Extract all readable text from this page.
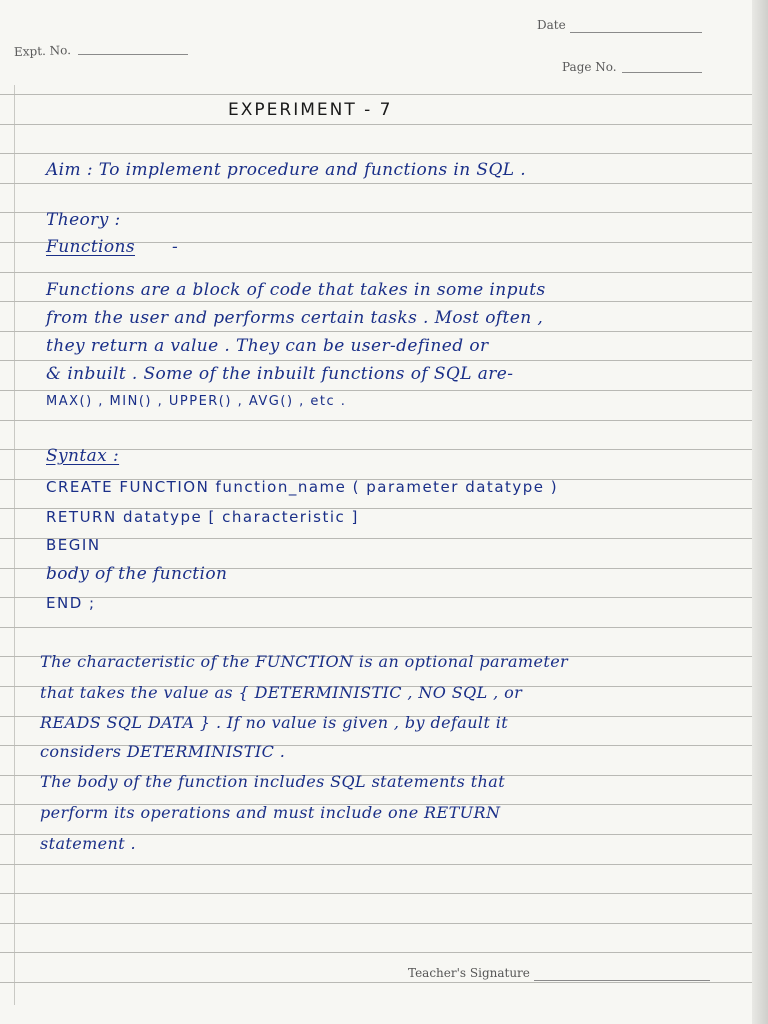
Date
Expt. No.
Page No.
EXPERIMENT - 7
Aim : To implement procedure and functions in SQL .
Theory :
Functions -
Functions are a block of code that takes in some inputs
from the user and performs certain tasks . Most often ,
they return a value . They can be user-defined or
& inbuilt . Some of the inbuilt functions of SQL are-
MAX() , MIN() , UPPER() , AVG() , etc .
Syntax :
CREATE FUNCTION function_name ( parameter datatype )
RETURN datatype [ characteristic ]
BEGIN
body of the function
END ;
The characteristic of the FUNCTION is an optional parameter
that takes the value as { DETERMINISTIC , NO SQL , or
READS SQL DATA } . If no value is given , by default it
considers DETERMINISTIC .
The body of the function includes SQL statements that
perform its operations and must include one RETURN
statement .
Teacher's Signature
